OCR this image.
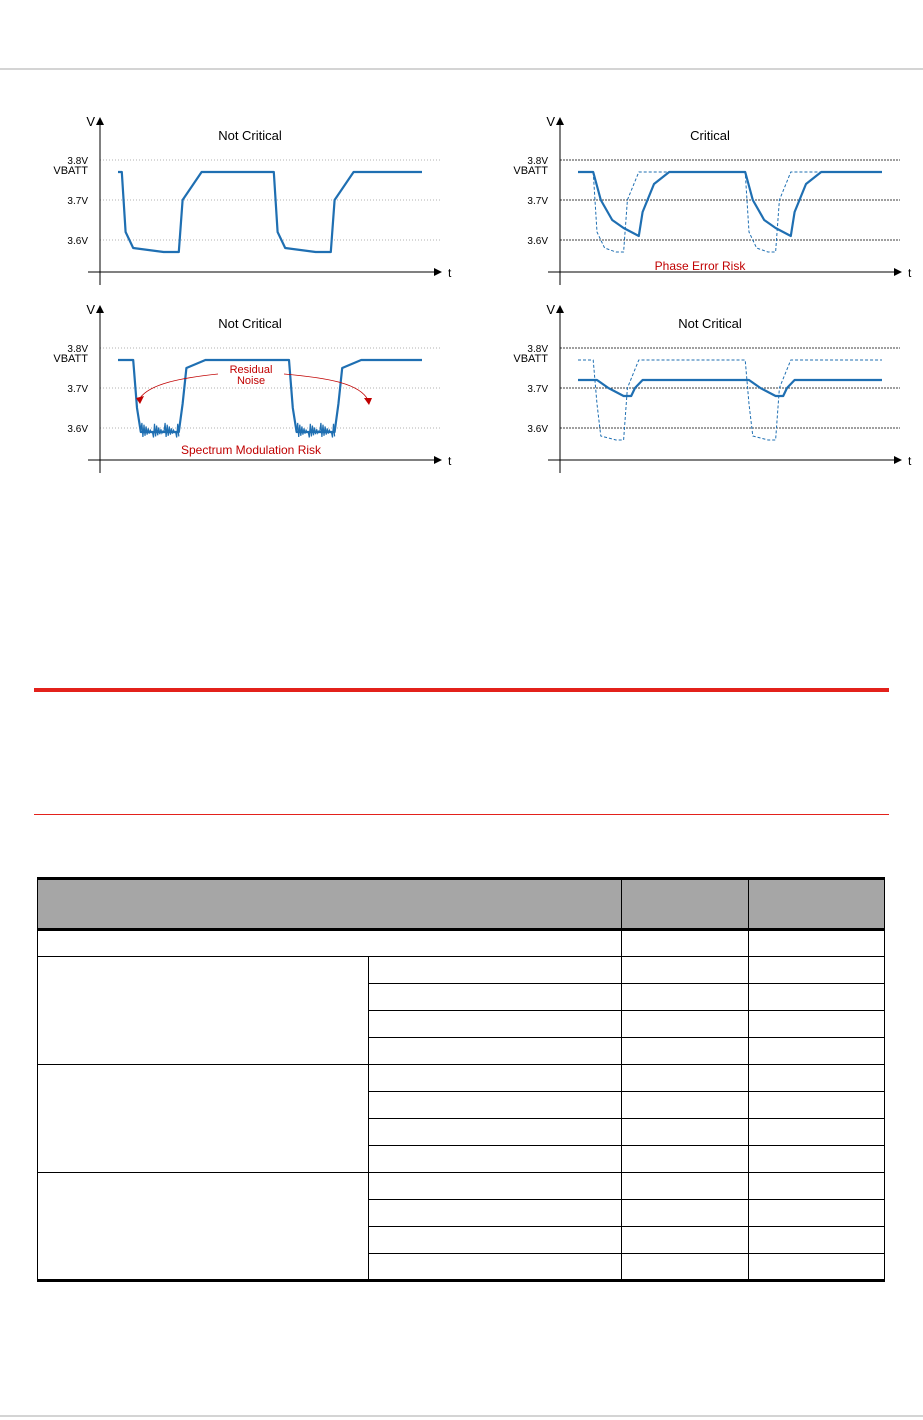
V
t
3.8V
VBATT
3.7V
3.6V
Not Critical
V
t
3.8V
VBATT
3.7V
3.6V
Critical
Phase Error Risk
V
t
3.8V
VBATT
3.7V
3.6V
Not Critical
Residual
Noise
Spectrum Modulation Risk
V
t
3.8V
VBATT
3.7V
3.6V
Not Critical
